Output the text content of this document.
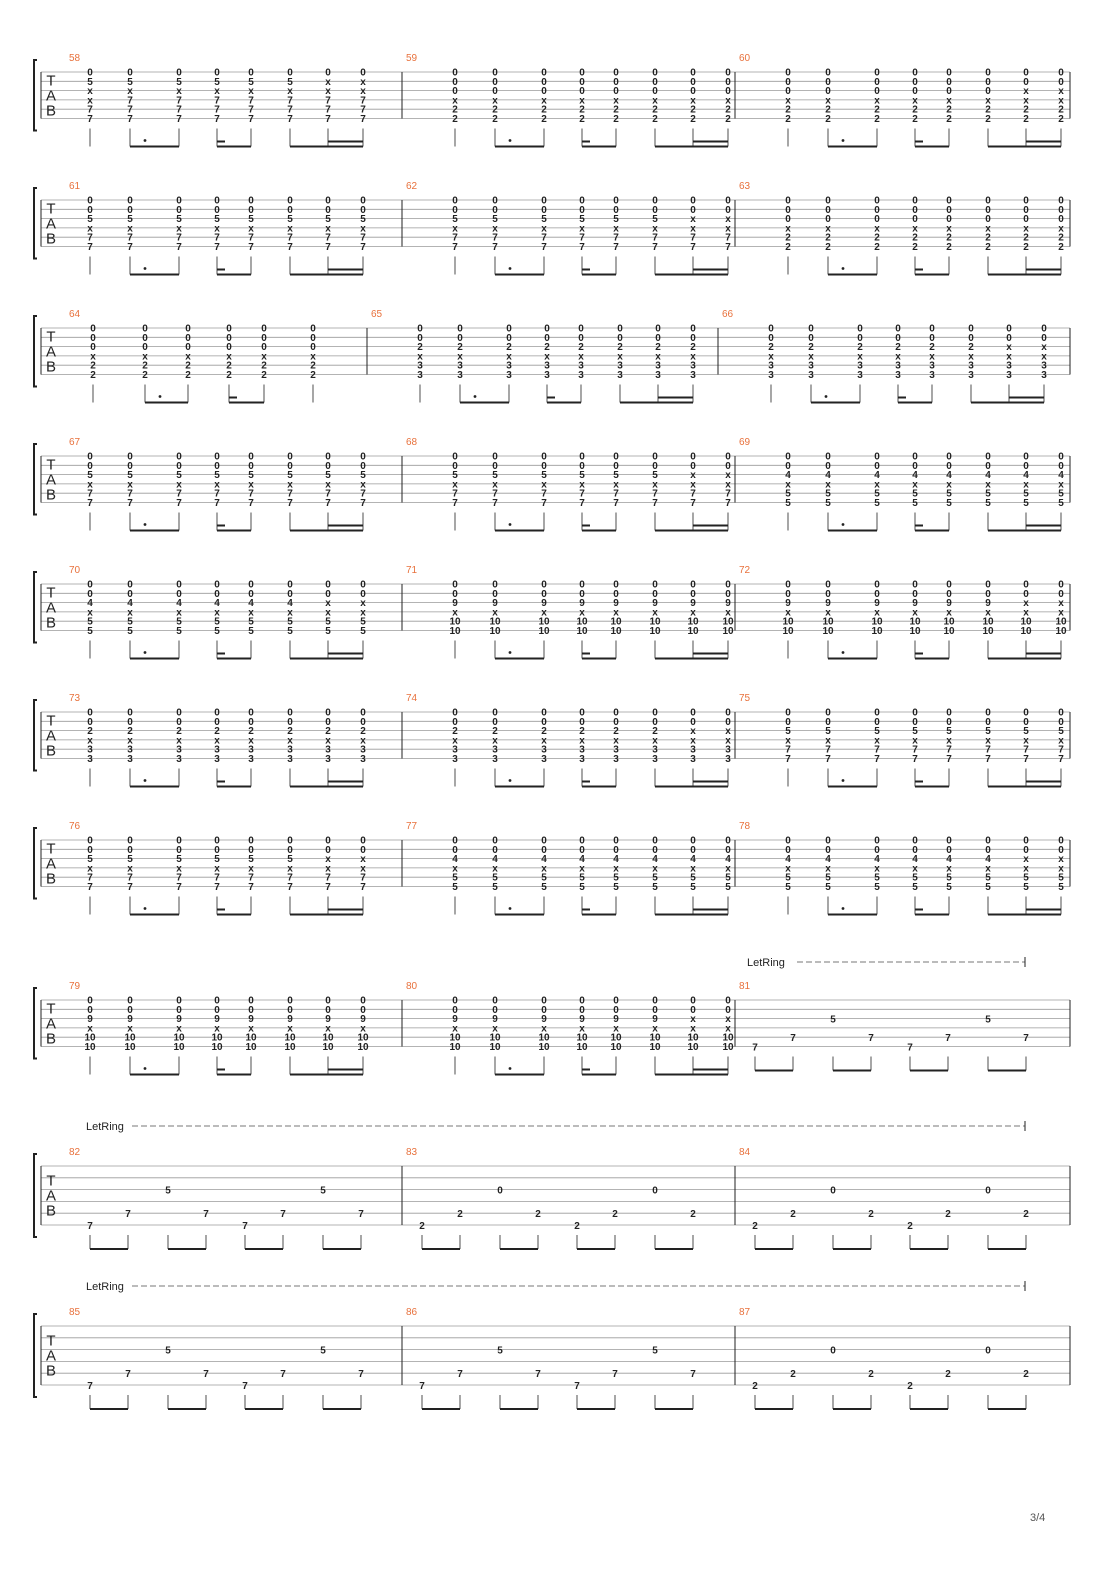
T
A
B
58
0
5
x
x
7
7
0
5
x
7
7
7
0
5
x
7
7
7
0
5
x
7
7
7
0
5
x
7
7
7
0
5
x
7
7
7
0
x
x
7
7
7
0
x
x
7
7
7
59
0
0
0
x
2
2
0
0
0
x
2
2
0
0
0
x
2
2
0
0
0
x
2
2
0
0
0
x
2
2
0
0
0
x
2
2
0
0
0
x
2
2
0
0
0
x
2
2
60
0
0
0
x
2
2
0
0
0
x
2
2
0
0
0
x
2
2
0
0
0
x
2
2
0
0
0
x
2
2
0
0
0
x
2
2
0
0
x
x
2
2
0
0
x
x
2
2
T
A
B
61
0
0
5
x
7
7
0
0
5
x
7
7
0
0
5
x
7
7
0
0
5
x
7
7
0
0
5
x
7
7
0
0
5
x
7
7
0
0
5
x
7
7
0
0
5
x
7
7
62
0
0
5
x
7
7
0
0
5
x
7
7
0
0
5
x
7
7
0
0
5
x
7
7
0
0
5
x
7
7
0
0
5
x
7
7
0
0
x
x
7
7
0
0
x
x
7
7
63
0
0
0
x
2
2
0
0
0
x
2
2
0
0
0
x
2
2
0
0
0
x
2
2
0
0
0
x
2
2
0
0
0
x
2
2
0
0
0
x
2
2
0
0
0
x
2
2
T
A
B
64
0
0
0
x
2
2
0
0
0
x
2
2
0
0
0
x
2
2
0
0
0
x
2
2
0
0
0
x
2
2
0
0
0
x
2
2
65
0
0
2
x
3
3
0
0
2
x
3
3
0
0
2
x
3
3
0
0
2
x
3
3
0
0
2
x
3
3
0
0
2
x
3
3
0
0
2
x
3
3
0
0
2
x
3
3
66
0
0
2
x
3
3
0
0
2
x
3
3
0
0
2
x
3
3
0
0
2
x
3
3
0
0
2
x
3
3
0
0
2
x
3
3
0
0
x
x
3
3
0
0
x
x
3
3
T
A
B
67
0
0
5
x
7
7
0
0
5
x
7
7
0
0
5
x
7
7
0
0
5
x
7
7
0
0
5
x
7
7
0
0
5
x
7
7
0
0
5
x
7
7
0
0
5
x
7
7
68
0
0
5
x
7
7
0
0
5
x
7
7
0
0
5
x
7
7
0
0
5
x
7
7
0
0
5
x
7
7
0
0
5
x
7
7
0
0
x
x
7
7
0
0
x
x
7
7
69
0
0
4
x
5
5
0
0
4
x
5
5
0
0
4
x
5
5
0
0
4
x
5
5
0
0
4
x
5
5
0
0
4
x
5
5
0
0
4
x
5
5
0
0
4
x
5
5
T
A
B
70
0
0
4
x
5
5
0
0
4
x
5
5
0
0
4
x
5
5
0
0
4
x
5
5
0
0
4
x
5
5
0
0
4
x
5
5
0
0
x
x
5
5
0
0
x
x
5
5
71
0
0
9
x
10
10
0
0
9
x
10
10
0
0
9
x
10
10
0
0
9
x
10
10
0
0
9
x
10
10
0
0
9
x
10
10
0
0
9
x
10
10
0
0
9
x
10
10
72
0
0
9
x
10
10
0
0
9
x
10
10
0
0
9
x
10
10
0
0
9
x
10
10
0
0
9
x
10
10
0
0
9
x
10
10
0
0
x
x
10
10
0
0
x
x
10
10
T
A
B
73
0
0
2
x
3
3
0
0
2
x
3
3
0
0
2
x
3
3
0
0
2
x
3
3
0
0
2
x
3
3
0
0
2
x
3
3
0
0
2
x
3
3
0
0
2
x
3
3
74
0
0
2
x
3
3
0
0
2
x
3
3
0
0
2
x
3
3
0
0
2
x
3
3
0
0
2
x
3
3
0
0
2
x
3
3
0
0
x
x
3
3
0
0
x
x
3
3
75
0
0
5
x
7
7
0
0
5
x
7
7
0
0
5
x
7
7
0
0
5
x
7
7
0
0
5
x
7
7
0
0
5
x
7
7
0
0
5
x
7
7
0
0
5
x
7
7
T
A
B
76
0
0
5
x
7
7
0
0
5
x
7
7
0
0
5
x
7
7
0
0
5
x
7
7
0
0
5
x
7
7
0
0
5
x
7
7
0
0
x
x
7
7
0
0
x
x
7
7
77
0
0
4
x
5
5
0
0
4
x
5
5
0
0
4
x
5
5
0
0
4
x
5
5
0
0
4
x
5
5
0
0
4
x
5
5
0
0
4
x
5
5
0
0
4
x
5
5
78
0
0
4
x
5
5
0
0
4
x
5
5
0
0
4
x
5
5
0
0
4
x
5
5
0
0
4
x
5
5
0
0
4
x
5
5
0
0
x
x
5
5
0
0
x
x
5
5
T
A
B
79
0
0
9
x
10
10
0
0
9
x
10
10
0
0
9
x
10
10
0
0
9
x
10
10
0
0
9
x
10
10
0
0
9
x
10
10
0
0
9
x
10
10
0
0
9
x
10
10
80
0
0
9
x
10
10
0
0
9
x
10
10
0
0
9
x
10
10
0
0
9
x
10
10
0
0
9
x
10
10
0
0
9
x
10
10
0
0
x
x
10
10
0
0
x
x
10
10
81
7
7
5
7
7
7
5
7
LetRing
T
A
B
82
7
7
5
7
7
7
5
7
83
2
2
0
2
2
2
0
2
84
2
2
0
2
2
2
0
2
LetRing
T
A
B
85
7
7
5
7
7
7
5
7
86
7
7
5
7
7
7
5
7
87
2
2
0
2
2
2
0
2
LetRing
3/4
